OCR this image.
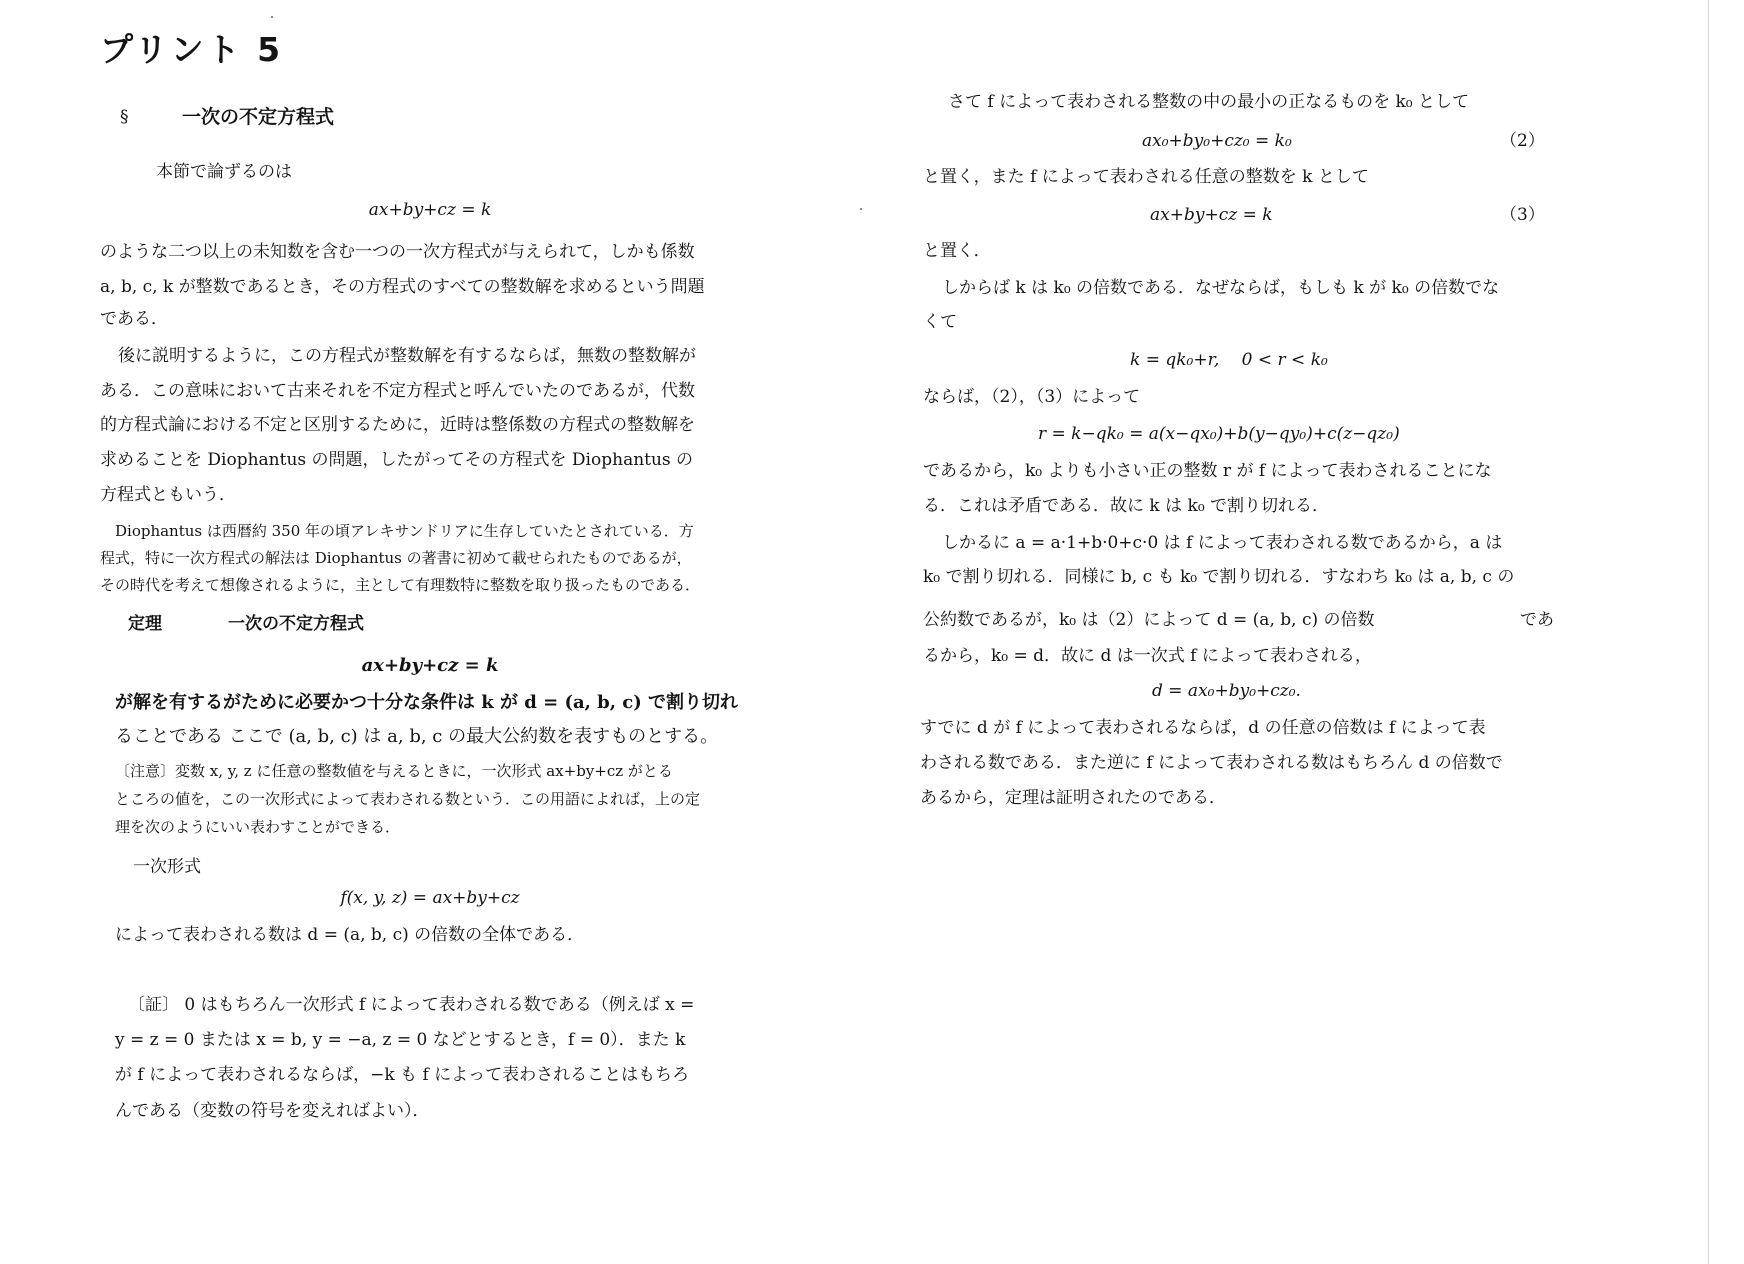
プリント 5
§	一次の不定方程式
本節で論ずるのは
ax+by+cz = k
のような二つ以上の未知数を含む一つの一次方程式が与えられて，しかも係数
a, b, c, k が整数であるとき，その方程式のすべての整数解を求めるという問題
である．
後に説明するように，この方程式が整数解を有するならば，無数の整数解が
ある．この意味において古来それを不定方程式と呼んでいたのであるが，代数
的方程式論における不定と区別するために，近時は整係数の方程式の整数解を
求めることを Diophantus の問題，したがってその方程式を Diophantus の
方程式ともいう．
Diophantus は西暦約 350 年の頃アレキサンドリアに生存していたとされている．方
程式，特に一次方程式の解法は Diophantus の著書に初めて載せられたものであるが，
その時代を考えて想像されるように，主として有理数特に整数を取り扱ったものである．
定理	一次の不定方程式
ax+by+cz = k
が解を有するがために必要かつ十分な条件は k が d = (a, b, c) で割り切れ
ることである ここで (a, b, c) は a, b, c の最大公約数を表すものとする。
〔注意〕変数 x, y, z に任意の整数値を与えるときに，一次形式 ax+by+cz がとる
ところの値を，この一次形式によって表わされる数という．この用語によれば，上の定
理を次のようにいい表わすことができる．
一次形式
f(x, y, z) = ax+by+cz
によって表わされる数は d = (a, b, c) の倍数の全体である．
〔証〕 0 はもちろん一次形式 f によって表わされる数である（例えば x =
y = z = 0 または x = b, y = −a, z = 0 などとするとき，f = 0）．また k
が f によって表わされるならば，−k も f によって表わされることはもちろ
んである（変数の符号を変えればよい）．
さて f によって表わされる整数の中の最小の正なるものを k₀ として
ax₀+by₀+cz₀ = k₀	（2）
と置く，また f によって表わされる任意の整数を k として
ax+by+cz = k	（3）
と置く．
しからば k は k₀ の倍数である．なぜならば，もしも k が k₀ の倍数でな
くて
k = qk₀+r,　 0 < r < k₀
ならば，（2），（3）によって
r = k−qk₀ = a(x−qx₀)+b(y−qy₀)+c(z−qz₀)
であるから，k₀ よりも小さい正の整数 r が f によって表わされることにな
る．これは矛盾である．故に k は k₀ で割り切れる．
しかるに a = a·1+b·0+c·0 は f によって表わされる数であるから，a は
k₀ で割り切れる．同様に b, c も k₀ で割り切れる．すなわち k₀ は a, b, c の
公約数であるが，k₀ は（2）によって d = (a, b, c) の倍数	であ
るから，k₀ = d．故に d は一次式 f によって表わされる，
d = ax₀+by₀+cz₀.
すでに d が f によって表わされるならば，d の任意の倍数は f によって表
わされる数である．また逆に f によって表わされる数はもちろん d の倍数で
あるから，定理は証明されたのである．
